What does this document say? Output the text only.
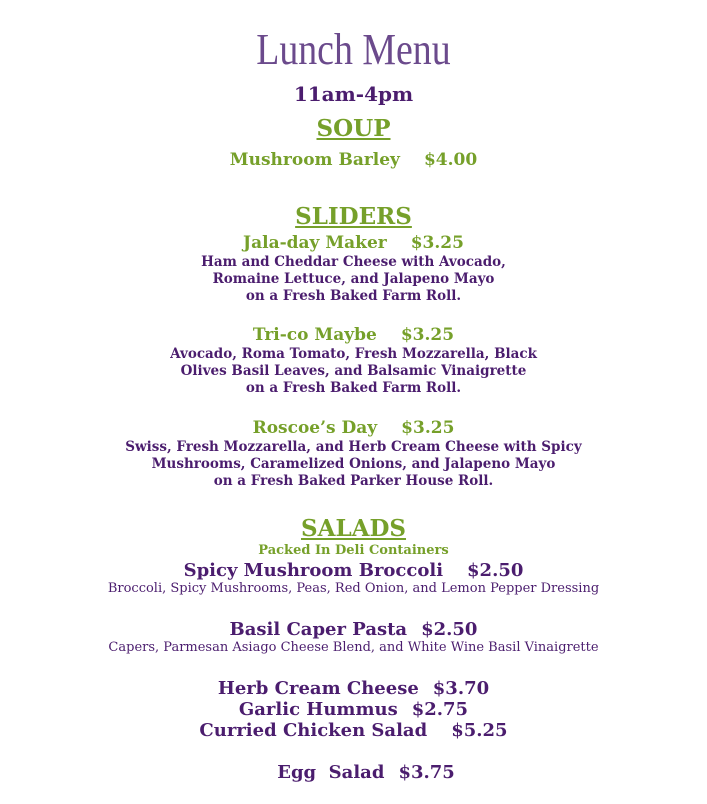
Lunch Menu
11am-4pm
SOUP
Mushroom Barley $4.00
SLIDERS
Jala-day Maker $3.25
Ham and Cheddar Cheese with Avocado,
Romaine Lettuce, and Jalapeno Mayo
on a Fresh Baked Farm Roll.
Tri-co Maybe $3.25
Avocado, Roma Tomato, Fresh Mozzarella, Black
Olives Basil Leaves, and Balsamic Vinaigrette
on a Fresh Baked Farm Roll.
Roscoe’s Day $3.25
Swiss, Fresh Mozzarella, and Herb Cream Cheese with Spicy
Mushrooms, Caramelized Onions, and Jalapeno Mayo
on a Fresh Baked Parker House Roll.
SALADS
Packed In Deli Containers
Spicy Mushroom Broccoli $2.50
Broccoli, Spicy Mushrooms, Peas, Red Onion, and Lemon Pepper Dressing
Basil Caper Pasta $2.50
Capers, Parmesan Asiago Cheese Blend, and White Wine Basil Vinaigrette
Herb Cream Cheese $3.70
Garlic Hummus $2.75
Curried Chicken Salad $5.25

Egg  Salad $3.75
